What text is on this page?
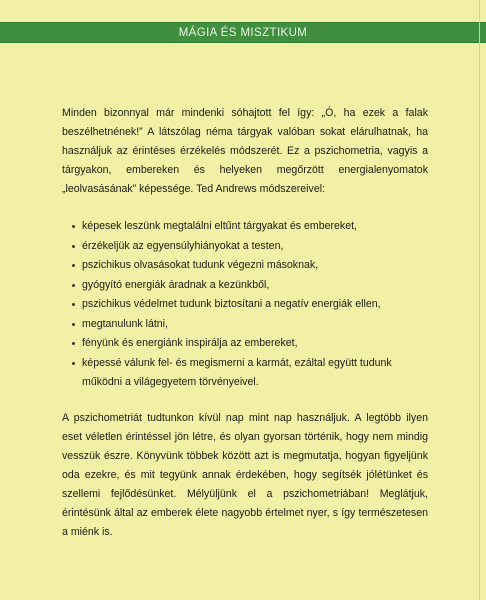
MÁGIA ÉS MISZTIKUM

Minden bizonnyal már mindenki sóhajtott fel így: „Ó, ha ezek a falak beszélhetnének!” A látszólag néma tárgyak valóban sokat elárulhatnak, ha használjuk az érintéses érzékelés módszerét. Ez a pszichometria, vagyis a tárgyakon, embereken és helyeken megőrzött energialenyomatok „leolvasásának” képessége. Ted Andrews módszereivel:

képesek leszünk megtalálni eltűnt tárgyakat és embereket,
érzékeljük az egyensúlyhiányokat a testen,
pszichikus olvasásokat tudunk végezni másoknak,
gyógyító energiák áradnak a kezünkből,
pszichikus védelmet tudunk biztosítani a negatív energiák ellen,
megtanulunk látni,
fényünk és energiánk inspirálja az embereket,
képessé válunk fel- és megismerni a karmát, ezáltal együtt tudunk működni a világegyetem törvényeivel.

A pszichometriát tudtunkon kívül nap mint nap használjuk. A legtöbb ilyen eset véletlen érintéssel jön létre, és olyan gyorsan történik, hogy nem mindig vesszük észre. Könyvünk többek között azt is megmutatja, hogyan figyeljünk oda ezekre, és mit tegyünk annak érdekében, hogy segítsék jólétünket és szellemi fejlődésünket. Mélyüljünk el a pszichometriában! Meglátjuk, érintésünk által az emberek élete nagyobb értelmet nyer, s így természetesen a miénk is.
